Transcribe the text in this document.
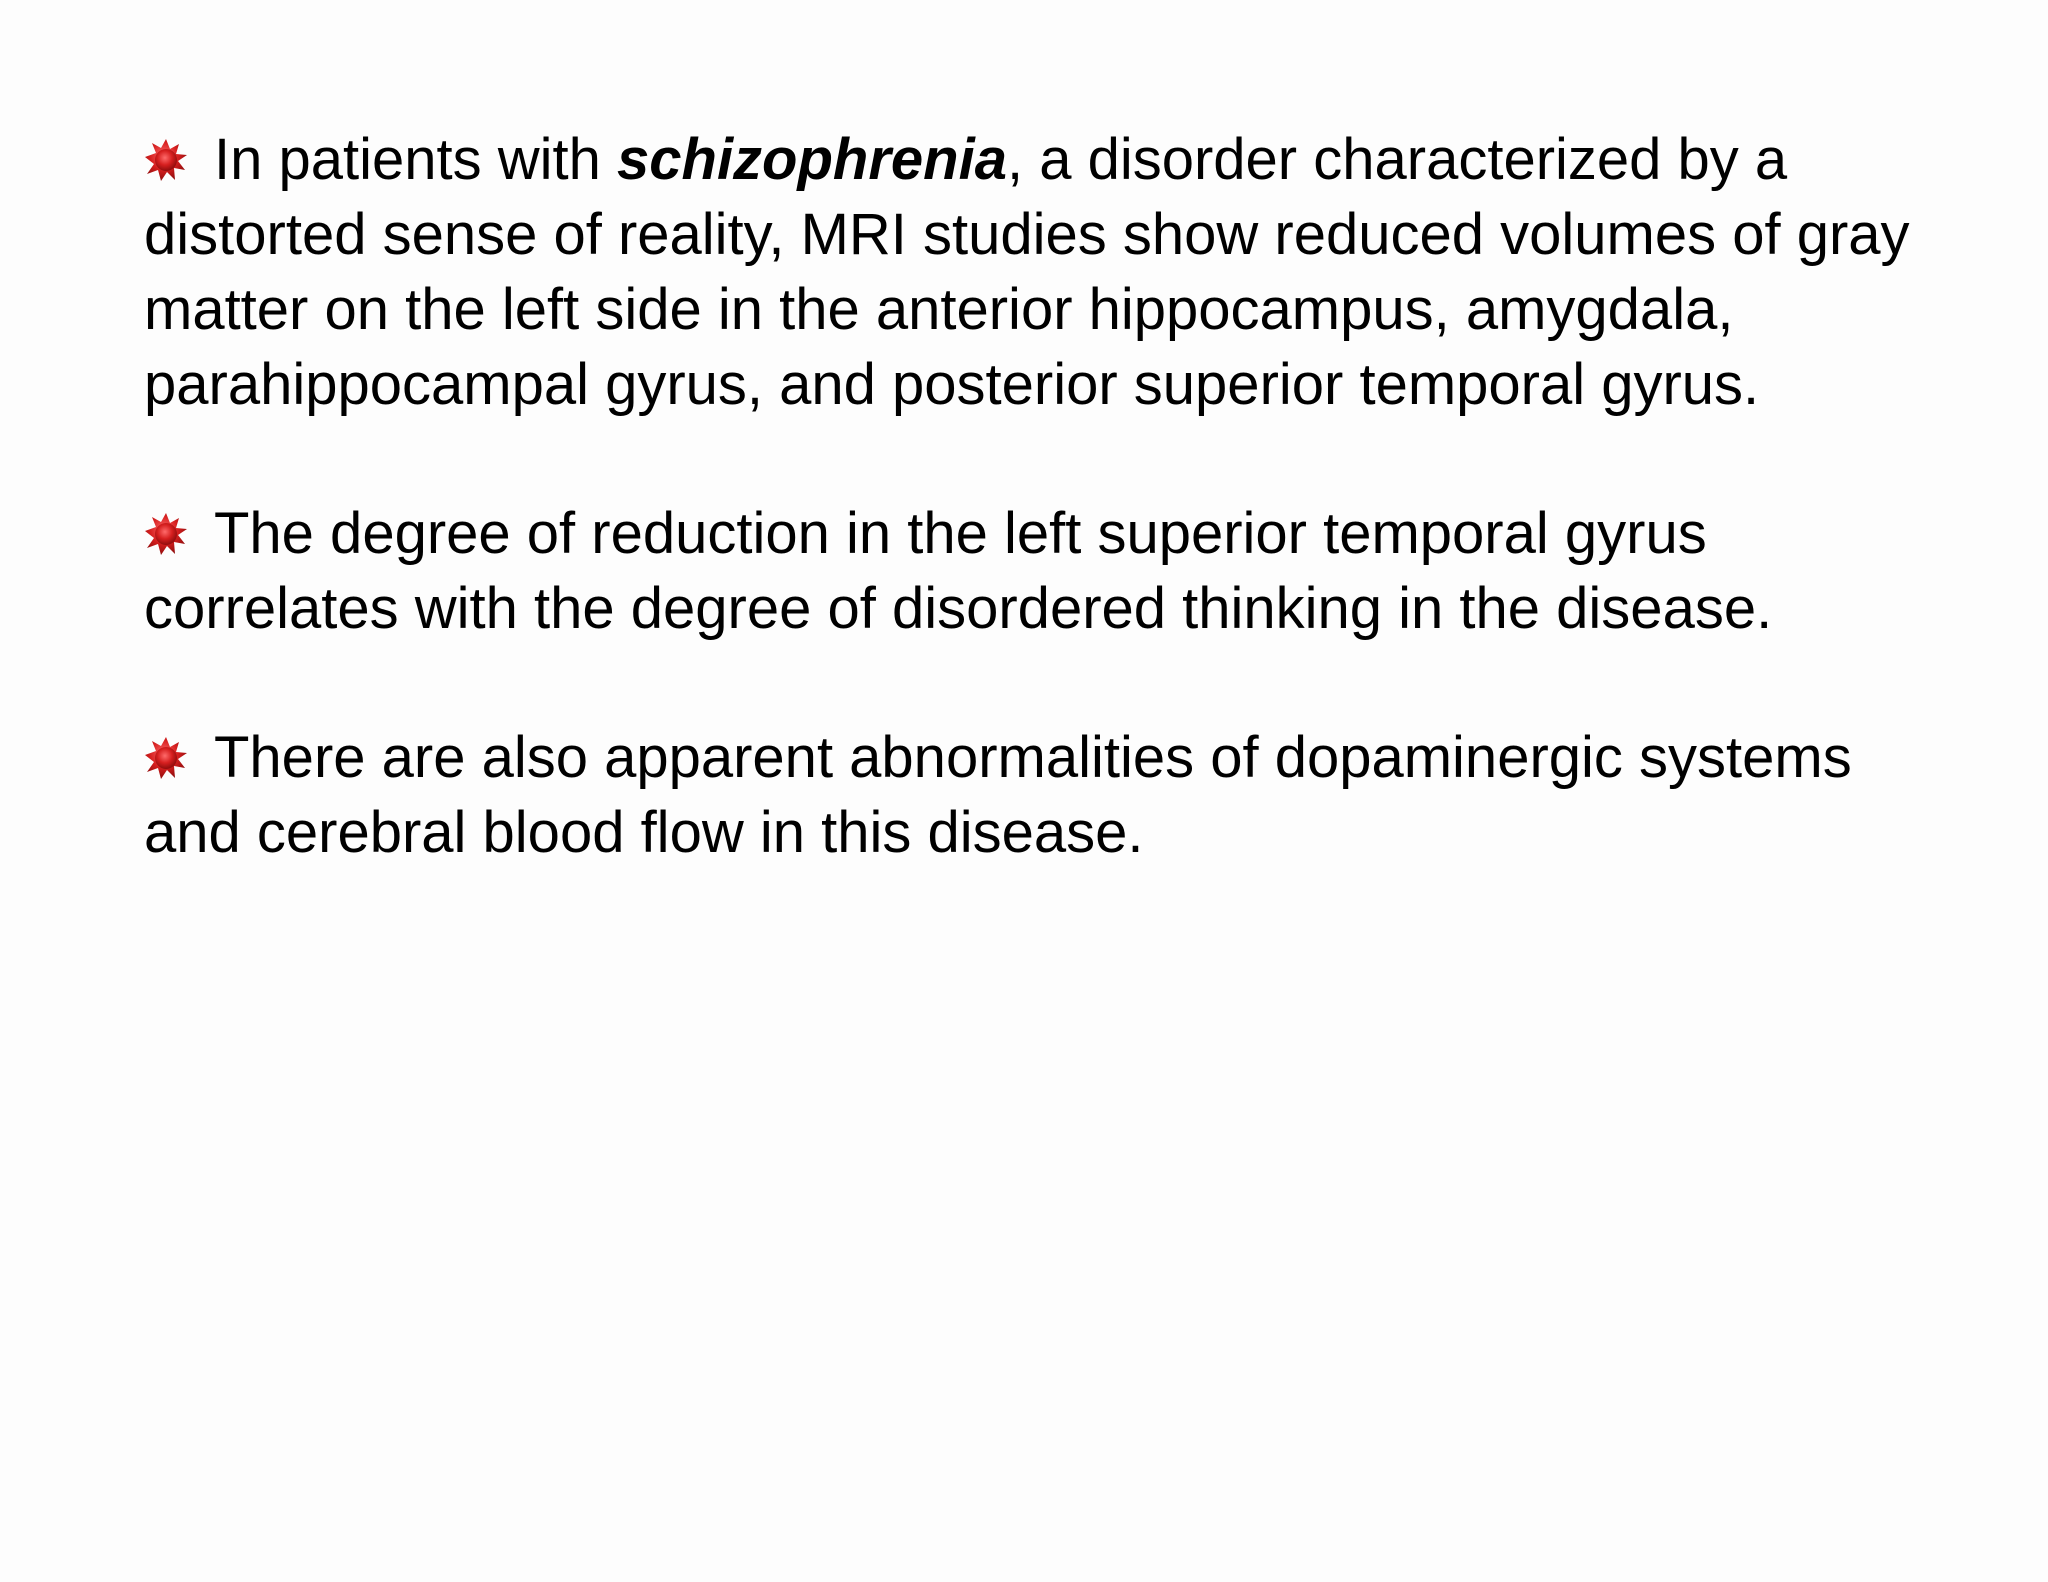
In patients with schizophrenia, a disorder characterized by a distorted sense of reality, MRI studies show reduced volumes of gray matter on the left side in the anterior hippocampus, amygdala, parahippocampal gyrus, and posterior superior temporal gyrus.

The degree of reduction in the left superior temporal gyrus correlates with the degree of disordered thinking in the disease.

There are also apparent abnormalities of dopaminergic systems and cerebral blood flow in this disease.
